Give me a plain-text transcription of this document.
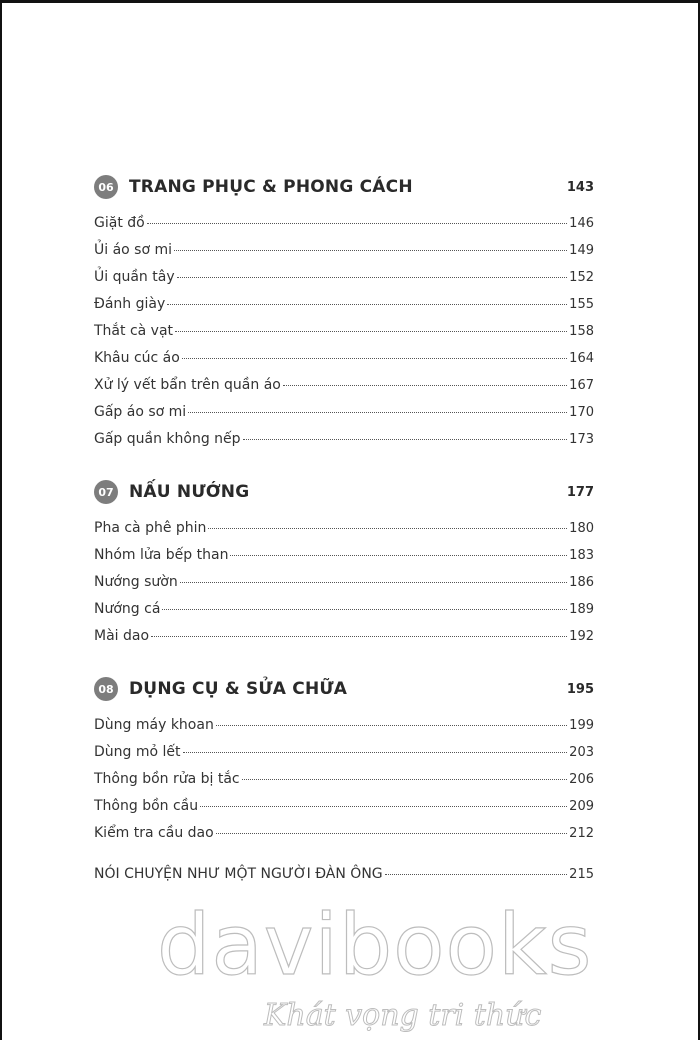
06 TRANG PHỤC & PHONG CÁCH	143
Giặt đồ	146
Ủi áo sơ mi	149
Ủi quần tây	152
Đánh giày	155
Thắt cà vạt	158
Khâu cúc áo	164
Xử lý vết bẩn trên quần áo	167
Gấp áo sơ mi	170
Gấp quần không nếp	173
07 NẤU NƯỚNG	177
Pha cà phê phin	180
Nhóm lửa bếp than	183
Nướng sườn	186
Nướng cá	189
Mài dao	192
08 DỤNG CỤ & SỬA CHỮA	195
Dùng máy khoan	199
Dùng mỏ lết	203
Thông bồn rửa bị tắc	206
Thông bồn cầu	209
Kiểm tra cầu dao	212
NÓI CHUYỆN NHƯ MỘT NGƯỜI ĐÀN ÔNG	215
davibooks
Khát vọng tri thức
